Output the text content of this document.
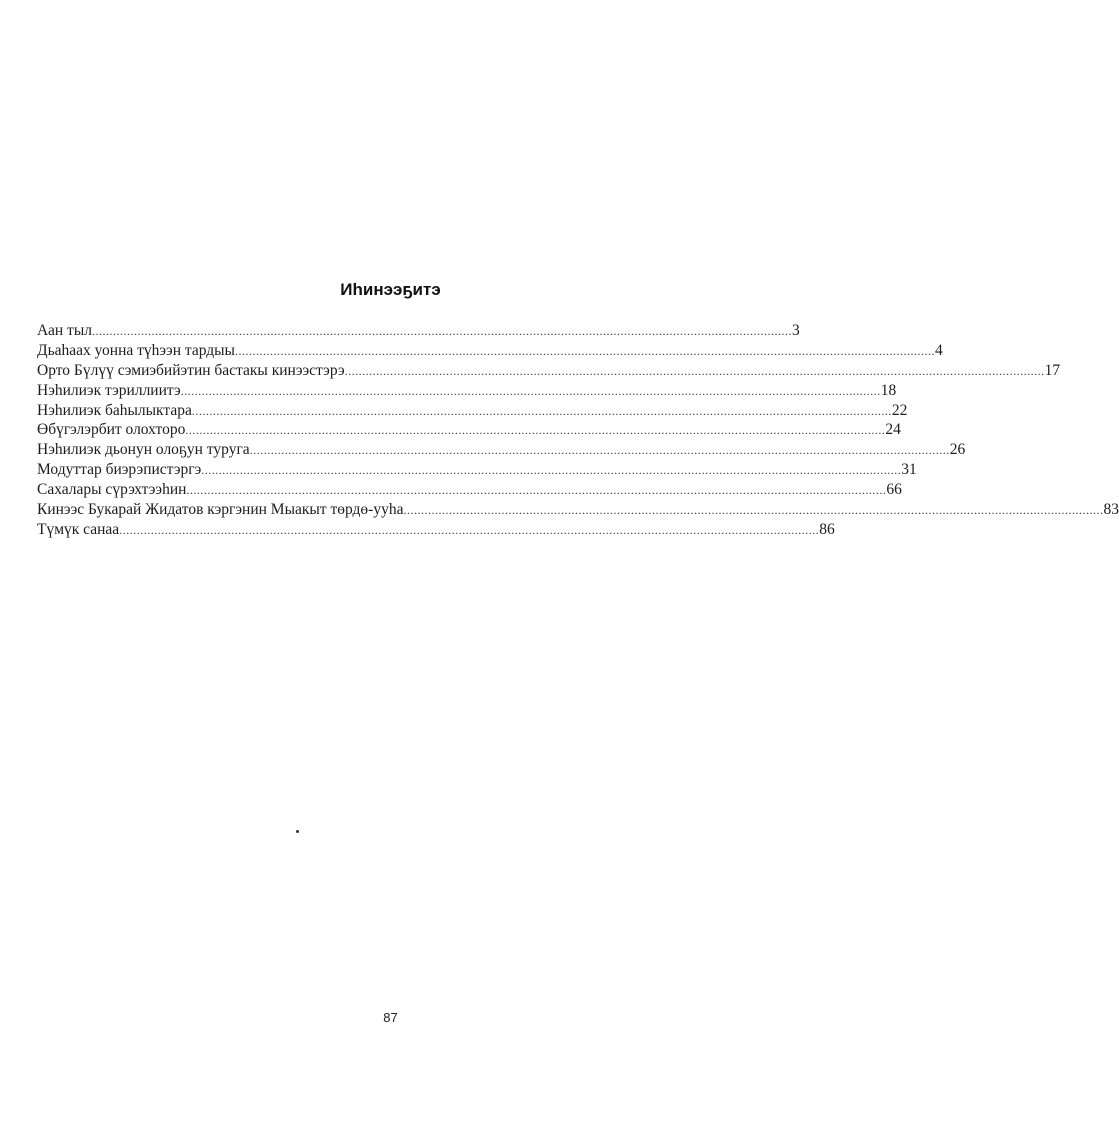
Иһинээҕитэ
Аан тыл ........................................................................................................................................................................................................ 3
Дьаһаах уонна түһээн тардыы ........................................................................................................................................................................................................ 4
Орто Бүлүү сэмиэбийэтин бастакы кинээстэрэ ........................................................................................................................................................................................................ 17
Нэһилиэк тэриллиитэ ........................................................................................................................................................................................................ 18
Нэһилиэк баһылыктара ........................................................................................................................................................................................................ 22
Өбүгэлэрбит олохторо ........................................................................................................................................................................................................ 24
Нэһилиэк дьонун олоҕун туруга ........................................................................................................................................................................................................ 26
Модуттар биэрэпистэргэ ........................................................................................................................................................................................................ 31
Сахалары сүрэхтээһин ........................................................................................................................................................................................................ 66
Кинээс Букарай Жидатов кэргэнин Мыакыт төрдө-ууһа ........................................................................................................................................................................................................ 83
Түмүк санаа ........................................................................................................................................................................................................ 86
87
